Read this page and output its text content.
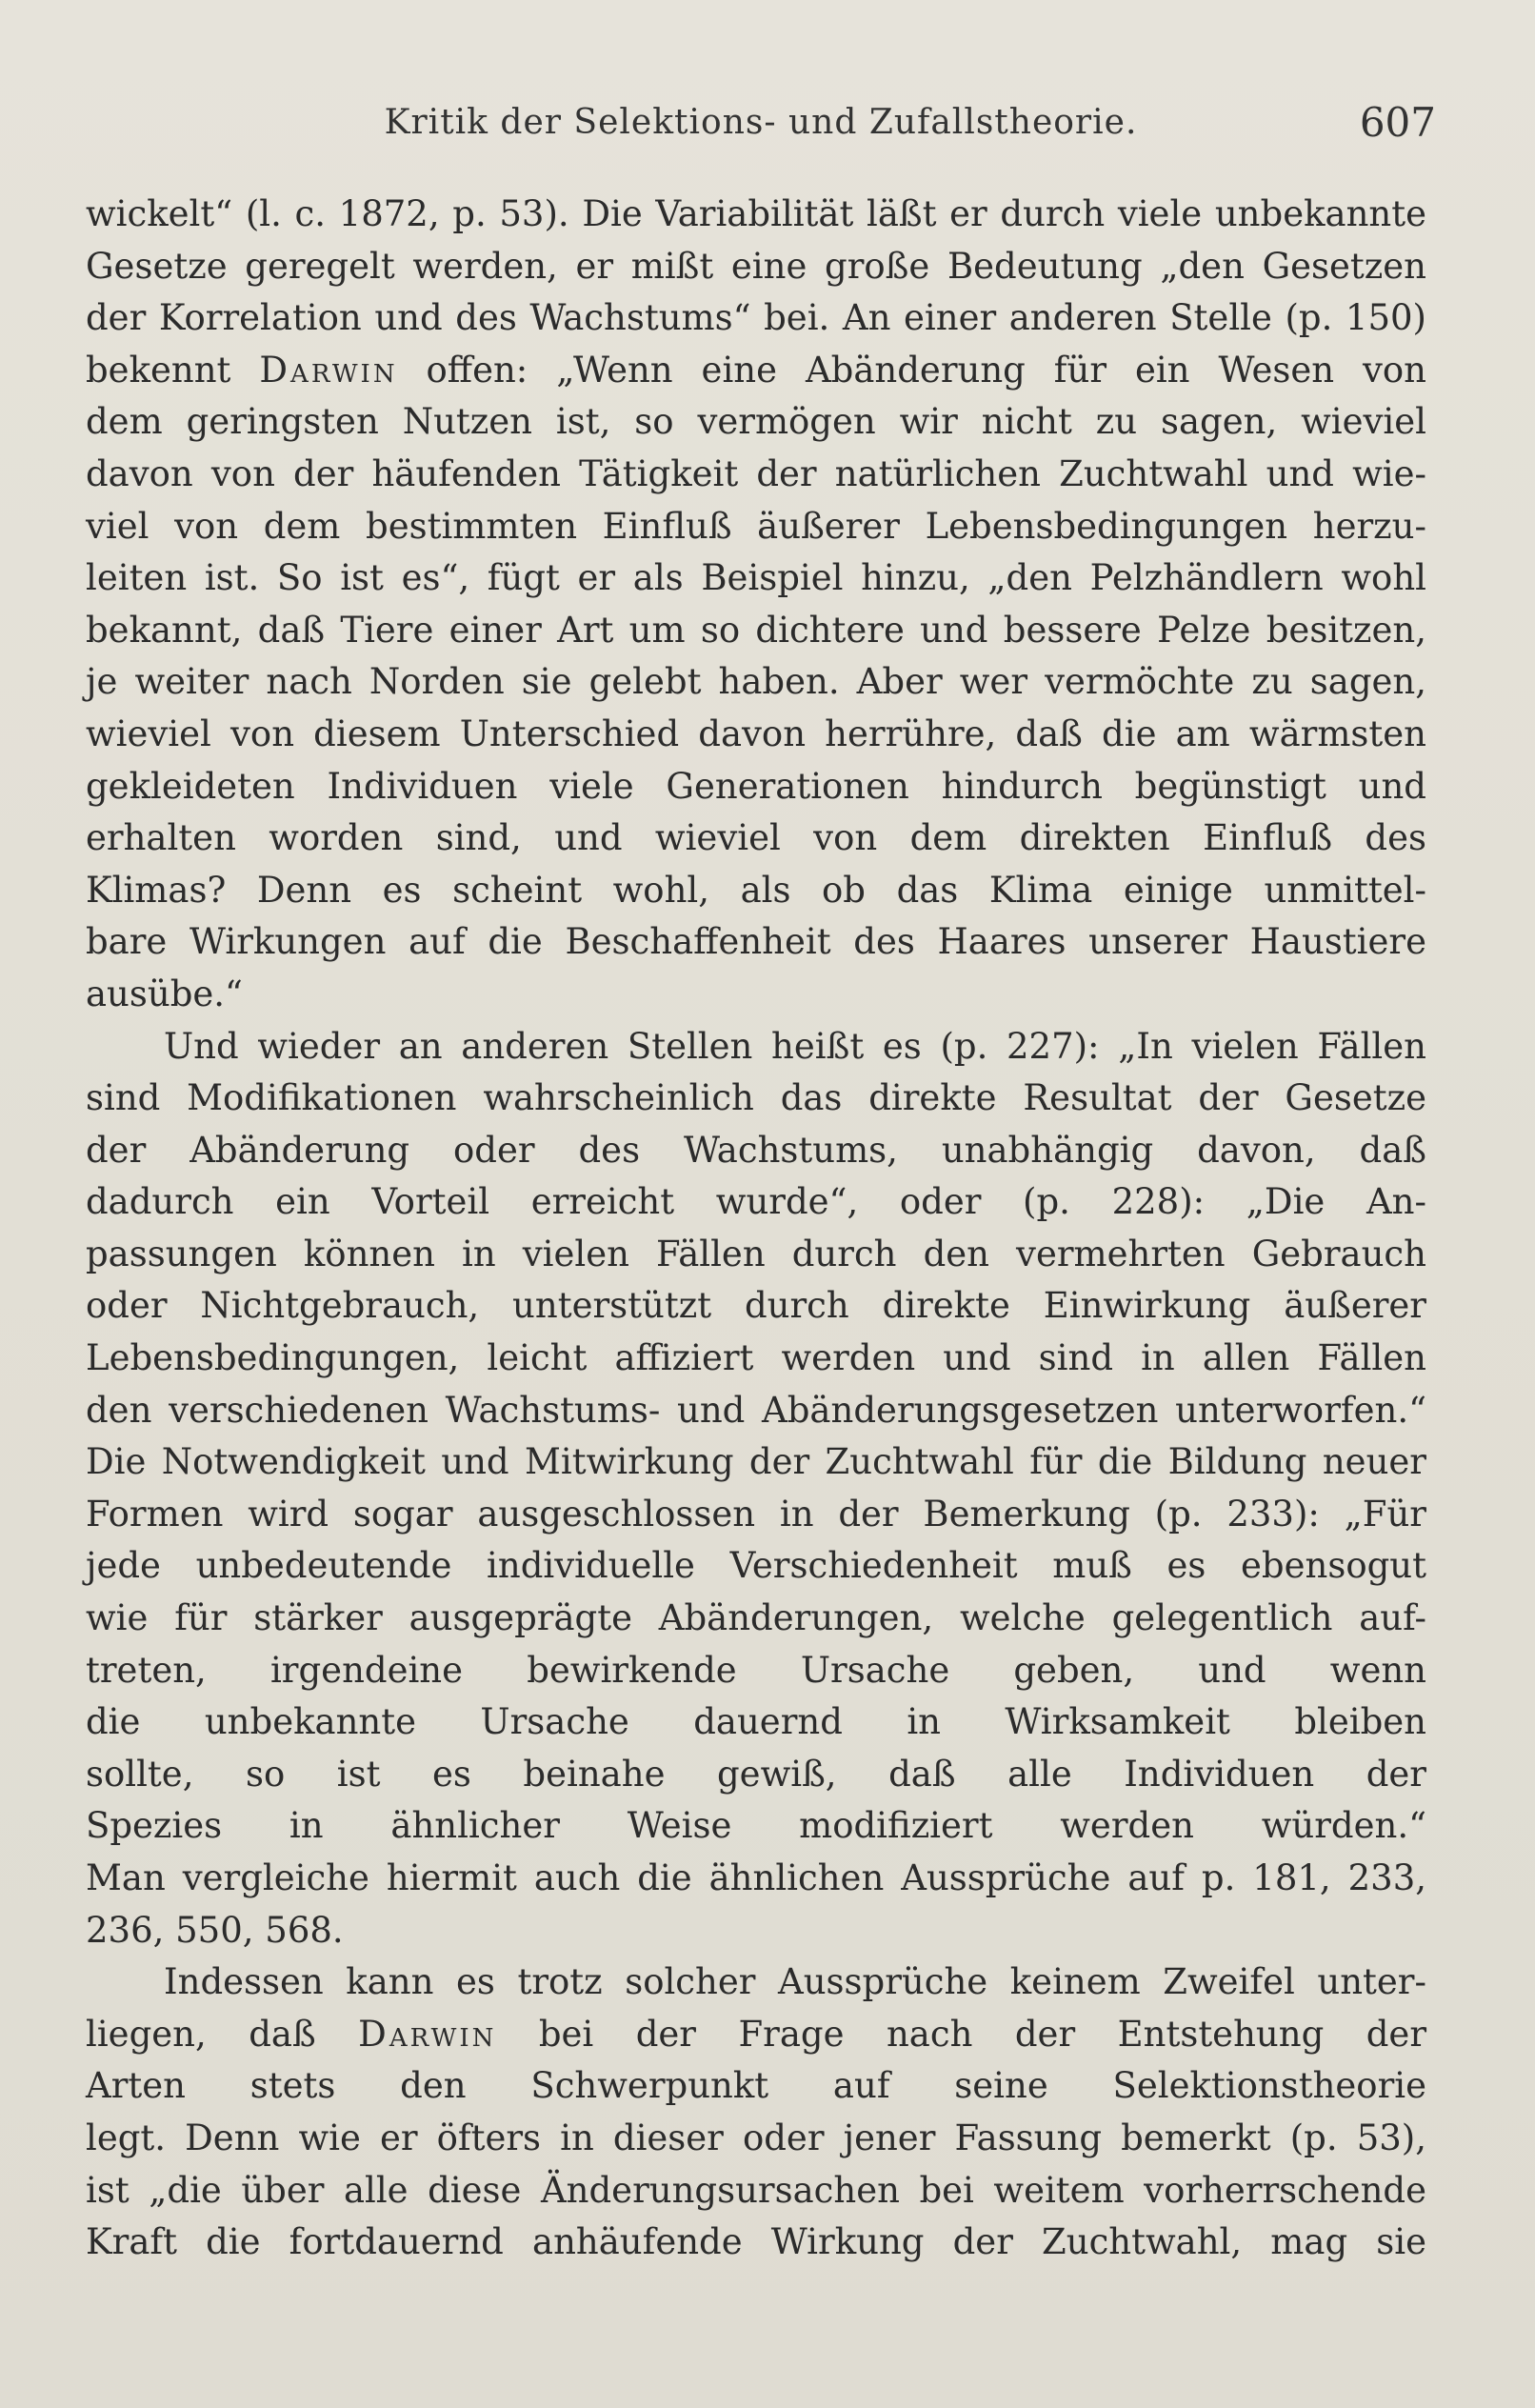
Kritik der Selektions- und Zufallstheorie.	607
wickelt“ (l. c. 1872, p. 53). Die Variabilität läßt er durch viele unbekannte
Gesetze geregelt werden, er mißt eine große Bedeutung „den Gesetzen
der Korrelation und des Wachstums“ bei. An einer anderen Stelle (p. 150)
bekennt Darwin offen: „Wenn eine Abänderung für ein Wesen von
dem geringsten Nutzen ist, so vermögen wir nicht zu sagen, wieviel
davon von der häufenden Tätigkeit der natürlichen Zuchtwahl und wie-
viel von dem bestimmten Einfluß äußerer Lebensbedingungen herzu-
leiten ist. So ist es“, fügt er als Beispiel hinzu, „den Pelzhändlern wohl
bekannt, daß Tiere einer Art um so dichtere und bessere Pelze besitzen,
je weiter nach Norden sie gelebt haben. Aber wer vermöchte zu sagen,
wieviel von diesem Unterschied davon herrühre, daß die am wärmsten
gekleideten Individuen viele Generationen hindurch begünstigt und
erhalten worden sind, und wieviel von dem direkten Einfluß des
Klimas? Denn es scheint wohl, als ob das Klima einige unmittel-
bare Wirkungen auf die Beschaffenheit des Haares unserer Haustiere
ausübe.“
Und wieder an anderen Stellen heißt es (p. 227): „In vielen Fällen
sind Modifikationen wahrscheinlich das direkte Resultat der Gesetze
der Abänderung oder des Wachstums, unabhängig davon, daß
dadurch ein Vorteil erreicht wurde“, oder (p. 228): „Die An-
passungen können in vielen Fällen durch den vermehrten Gebrauch
oder Nichtgebrauch, unterstützt durch direkte Einwirkung äußerer
Lebensbedingungen, leicht affiziert werden und sind in allen Fällen
den verschiedenen Wachstums- und Abänderungsgesetzen unterworfen.“
Die Notwendigkeit und Mitwirkung der Zuchtwahl für die Bildung neuer
Formen wird sogar ausgeschlossen in der Bemerkung (p. 233): „Für
jede unbedeutende individuelle Verschiedenheit muß es ebensogut
wie für stärker ausgeprägte Abänderungen, welche gelegentlich auf-
treten, irgendeine bewirkende Ursache geben, und wenn
die unbekannte Ursache dauernd in Wirksamkeit bleiben
sollte, so ist es beinahe gewiß, daß alle Individuen der
Spezies in ähnlicher Weise modifiziert werden würden.“
Man vergleiche hiermit auch die ähnlichen Aussprüche auf p. 181, 233,
236, 550, 568.
Indessen kann es trotz solcher Aussprüche keinem Zweifel unter-
liegen, daß Darwin bei der Frage nach der Entstehung der
Arten stets den Schwerpunkt auf seine Selektionstheorie
legt. Denn wie er öfters in dieser oder jener Fassung bemerkt (p. 53),
ist „die über alle diese Änderungsursachen bei weitem vorherrschende
Kraft die fortdauernd anhäufende Wirkung der Zuchtwahl, mag sie
